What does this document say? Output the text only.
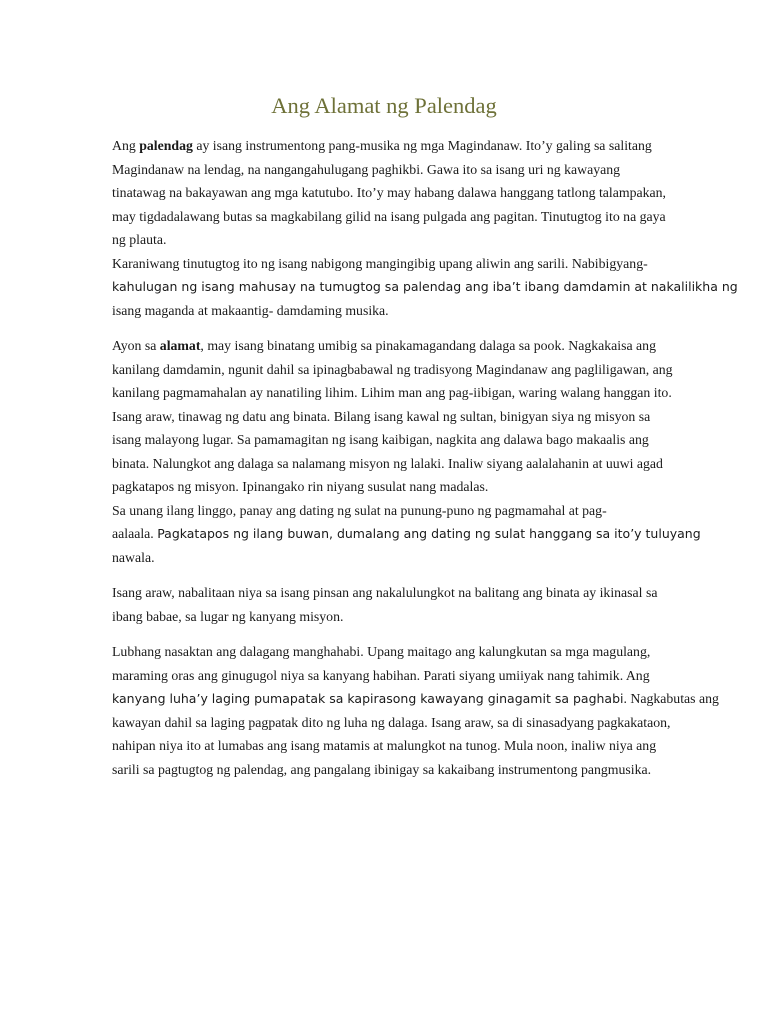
Ang Alamat ng Palendag
Ang palendag ay isang instrumentong pang-musika ng mga Magindanaw. Ito’y galing sa salitang
Magindanaw na lendag, na nangangahulugang paghikbi. Gawa ito sa isang uri ng kawayang
tinatawag na bakayawan ang mga katutubo. Ito’y may habang dalawa hanggang tatlong talampakan,
may tigdadalawang butas sa magkabilang gilid na isang pulgada ang pagitan. Tinutugtog ito na gaya
ng plauta.
Karaniwang tinutugtog ito ng isang nabigong mangingibig upang aliwin ang sarili. Nabibigyang-
kahulugan ng isang mahusay na tumugtog sa palendag ang iba’t ibang damdamin at nakalilikha ng
isang maganda at makaantig- damdaming musika.
Ayon sa alamat, may isang binatang umibig sa pinakamagandang dalaga sa pook. Nagkakaisa ang
kanilang damdamin, ngunit dahil sa ipinagbabawal ng tradisyong Magindanaw ang pagliligawan, ang
kanilang pagmamahalan ay nanatiling lihim. Lihim man ang pag-iibigan, waring walang hanggan ito.
Isang araw, tinawag ng datu ang binata. Bilang isang kawal ng sultan, binigyan siya ng misyon sa
isang malayong lugar. Sa pamamagitan ng isang kaibigan, nagkita ang dalawa bago makaalis ang
binata. Nalungkot ang dalaga sa nalamang misyon ng lalaki. Inaliw siyang aalalahanin at uuwi agad
pagkatapos ng misyon. Ipinangako rin niyang susulat nang madalas.
Sa unang ilang linggo, panay ang dating ng sulat na punung-puno ng pagmamahal at pag-
aalaala. Pagkatapos ng ilang buwan, dumalang ang dating ng sulat hanggang sa ito’y tuluyang
nawala.
Isang araw, nabalitaan niya sa isang pinsan ang nakalulungkot na balitang ang binata ay ikinasal sa
ibang babae, sa lugar ng kanyang misyon.
Lubhang nasaktan ang dalagang manghahabi. Upang maitago ang kalungkutan sa mga magulang,
maraming oras ang ginugugol niya sa kanyang habihan. Parati siyang umiiyak nang tahimik. Ang
kanyang luha’y laging pumapatak sa kapirasong kawayang ginagamit sa paghabi. Nagkabutas ang
kawayan dahil sa laging pagpatak dito ng luha ng dalaga. Isang araw, sa di sinasadyang pagkakataon,
nahipan niya ito at lumabas ang isang matamis at malungkot na tunog. Mula noon, inaliw niya ang
sarili sa pagtugtog ng palendag, ang pangalang ibinigay sa kakaibang instrumentong pangmusika.
